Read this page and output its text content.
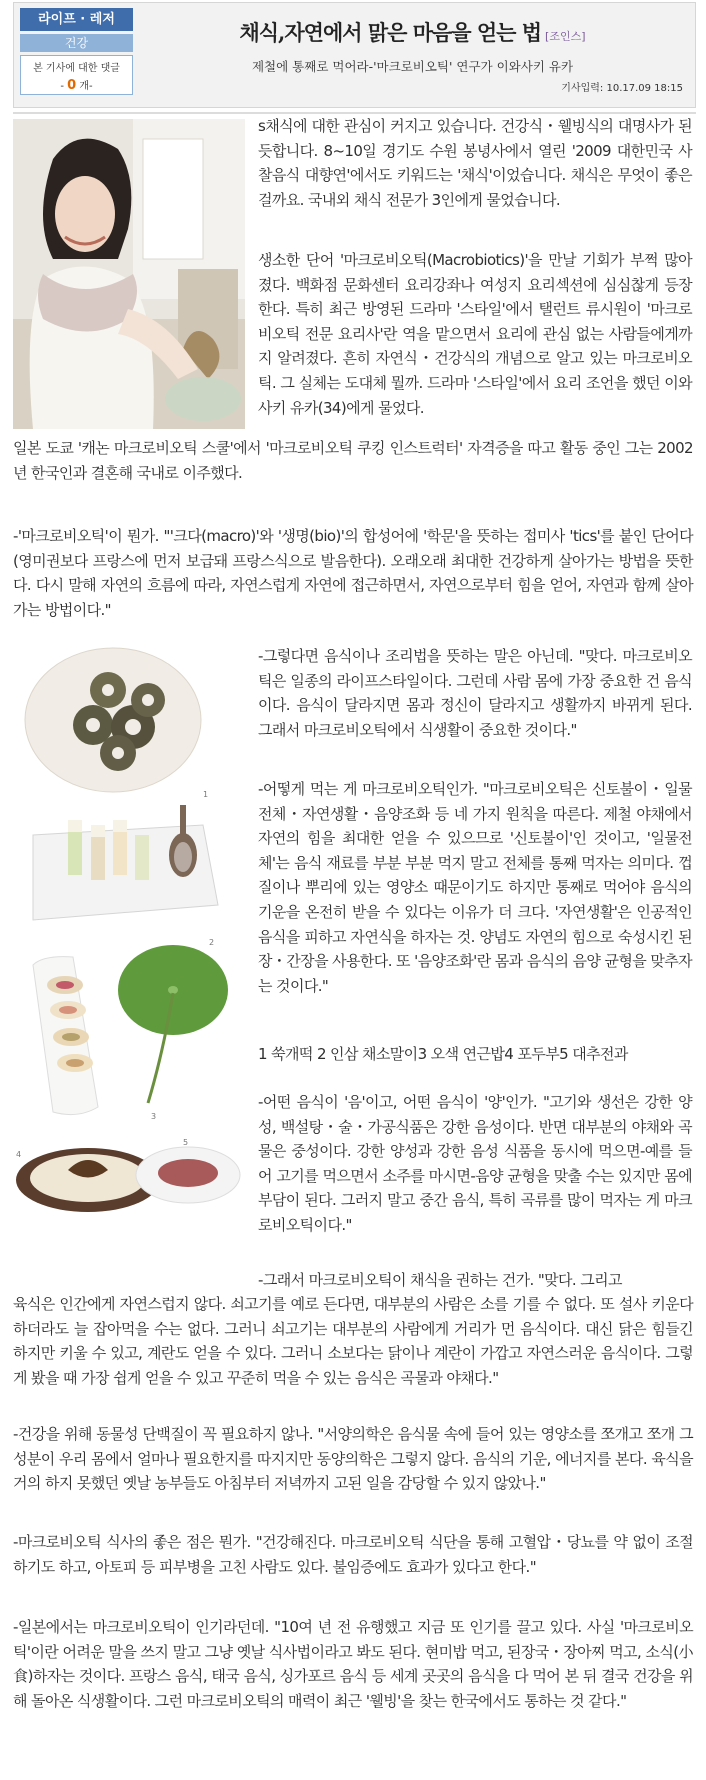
라이프 · 레저
건강
본 기사에 대한 댓글
- 0 개-
채식,자연에서 맑은 마음을 얻는 법 [조인스]
제철에 통째로 먹어라-'마크로비오틱' 연구가 이와사키 유카
기사입력: 10.17.09 18:15

s채식에 대한 관심이 커지고 있습니다. 건강식・웰빙식의 대명사가 된 듯합니다. 8~10일 경기도 수원 봉녕사에서 열린 '2009 대한민국 사찰음식 대향연'에서도 키워드는 '채식'이었습니다. 채식은 무엇이 좋은 걸까요. 국내외 채식 전문가 3인에게 물었습니다.

생소한 단어 '마크로비오틱(Macrobiotics)'을 만날 기회가 부쩍 많아졌다. 백화점 문화센터 요리강좌나 여성지 요리섹션에 심심찮게 등장한다. 특히 최근 방영된 드라마 '스타일'에서 탤런트 류시원이 '마크로비오틱 전문 요리사'란 역을 맡으면서 요리에 관심 없는 사람들에게까지 알려졌다. 흔히 자연식・건강식의 개념으로 알고 있는 마크로비오틱. 그 실체는 도대체 뭘까. 드라마 '스타일'에서 요리 조언을 했던 이와사키 유카(34)에게 물었다.

일본 도쿄 '캐논 마크로비오틱 스쿨'에서 '마크로비오틱 쿠킹 인스트럭터' 자격증을 따고 활동 중인 그는 2002년 한국인과 결혼해 국내로 이주했다.

-'마크로비오틱'이 뭔가. "'크다(macro)'와 '생명(bio)'의 합성어에 '학문'을 뜻하는 접미사 'tics'를 붙인 단어다(영미권보다 프랑스에 먼저 보급돼 프랑스식으로 발음한다). 오래오래 최대한 건강하게 살아가는 방법을 뜻한다. 다시 말해 자연의 흐름에 따라, 자연스럽게 자연에 접근하면서, 자연으로부터 힘을 얻어, 자연과 함께 살아가는 방법이다."

1
2
3
4
5

-그렇다면 음식이나 조리법을 뜻하는 말은 아닌데. "맞다. 마크로비오틱은 일종의 라이프스타일이다. 그런데 사람 몸에 가장 중요한 건 음식이다. 음식이 달라지면 몸과 정신이 달라지고 생활까지 바뀌게 된다. 그래서 마크로비오틱에서 식생활이 중요한 것이다."

-어떻게 먹는 게 마크로비오틱인가. "마크로비오틱은 신토불이・일물전체・자연생활・음양조화 등 네 가지 원칙을 따른다. 제철 야채에서 자연의 힘을 최대한 얻을 수 있으므로 '신토불이'인 것이고, '일물전체'는 음식 재료를 부분 부분 먹지 말고 전체를 통째 먹자는 의미다. 껍질이나 뿌리에 있는 영양소 때문이기도 하지만 통째로 먹어야 음식의 기운을 온전히 받을 수 있다는 이유가 더 크다. '자연생활'은 인공적인 음식을 피하고 자연식을 하자는 것. 양념도 자연의 힘으로 숙성시킨 된장・간장을 사용한다. 또 '음양조화'란 몸과 음식의 음양 균형을 맞추자는 것이다."

1 쑥개떡 2 인삼 채소말이3 오색 연근밥4 포두부5 대추전과

-어떤 음식이 '음'이고, 어떤 음식이 '양'인가. "고기와 생선은 강한 양성, 백설탕・술・가공식품은 강한 음성이다. 반면 대부분의 야채와 곡물은 중성이다. 강한 양성과 강한 음성 식품을 동시에 먹으면-예를 들어 고기를 먹으면서 소주를 마시면-음양 균형을 맞출 수는 있지만 몸에 부담이 된다. 그러지 말고 중간 음식, 특히 곡류를 많이 먹자는 게 마크로비오틱이다."

-그래서 마크로비오틱이 채식을 권하는 건가. "맞다. 그리고

육식은 인간에게 자연스럽지 않다. 쇠고기를 예로 든다면, 대부분의 사람은 소를 기를 수 없다. 또 설사 키운다 하더라도 늘 잡아먹을 수는 없다. 그러니 쇠고기는 대부분의 사람에게 거리가 먼 음식이다. 대신 닭은 힘들긴 하지만 키울 수 있고, 계란도 얻을 수 있다. 그러니 소보다는 닭이나 계란이 가깝고 자연스러운 음식이다. 그렇게 봤을 때 가장 쉽게 얻을 수 있고 꾸준히 먹을 수 있는 음식은 곡물과 야채다."

-건강을 위해 동물성 단백질이 꼭 필요하지 않나. "서양의학은 음식물 속에 들어 있는 영양소를 쪼개고 쪼개 그 성분이 우리 몸에서 얼마나 필요한지를 따지지만 동양의학은 그렇지 않다. 음식의 기운, 에너지를 본다. 육식을 거의 하지 못했던 옛날 농부들도 아침부터 저녁까지 고된 일을 감당할 수 있지 않았나."

-마크로비오틱 식사의 좋은 점은 뭔가. "건강해진다. 마크로비오틱 식단을 통해 고혈압・당뇨를 약 없이 조절하기도 하고, 아토피 등 피부병을 고친 사람도 있다. 불임증에도 효과가 있다고 한다."

-일본에서는 마크로비오틱이 인기라던데. "10여 년 전 유행했고 지금 또 인기를 끌고 있다. 사실 '마크로비오틱'이란 어려운 말을 쓰지 말고 그냥 옛날 식사법이라고 봐도 된다. 현미밥 먹고, 된장국・장아찌 먹고, 소식(小食)하자는 것이다. 프랑스 음식, 태국 음식, 싱가포르 음식 등 세계 곳곳의 음식을 다 먹어 본 뒤 결국 건강을 위해 돌아온 식생활이다. 그런 마크로비오틱의 매력이 최근 '웰빙'을 찾는 한국에서도 통하는 것 같다."
